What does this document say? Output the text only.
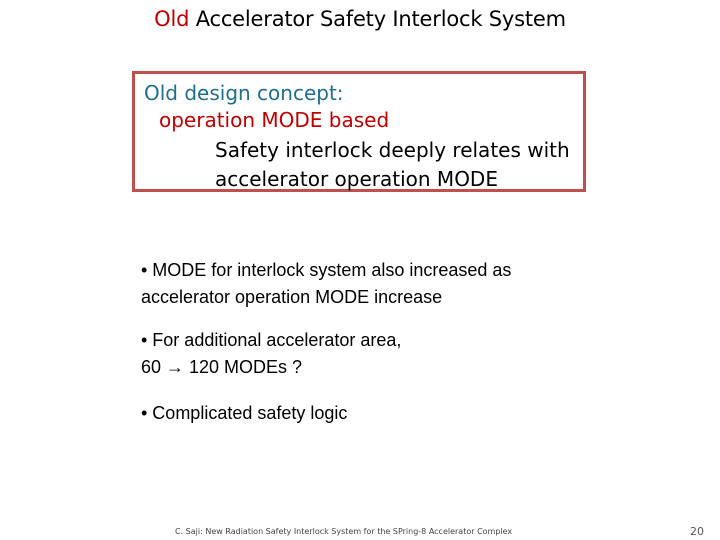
Old Accelerator Safety Interlock System
Old design concept:
operation MODE based
Safety interlock deeply relates with
accelerator operation MODE
• MODE for interlock system also increased as
accelerator operation MODE increase
• For additional accelerator area,
60 → 120 MODEs ?
• Complicated safety logic
C. Saji: New Radiation Safety Interlock System for the SPring-8 Accelerator Complex	20
